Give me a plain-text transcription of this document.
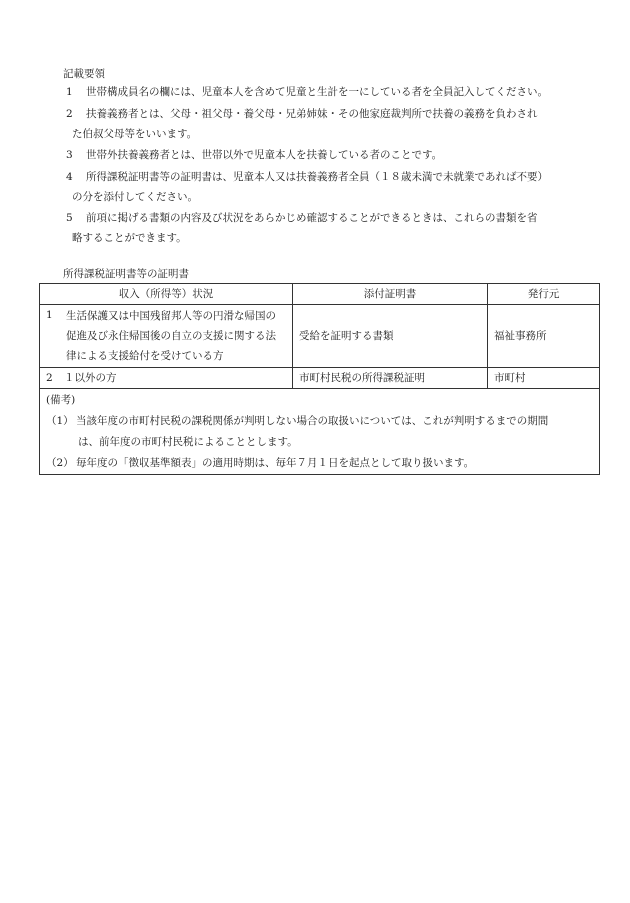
記載要領
1 世帯構成員名の欄には、児童本人を含めて児童と生計を一にしている者を全員記入してください。
2 扶養義務者とは、父母・祖父母・養父母・兄弟姉妹・その他家庭裁判所で扶養の義務を負わされ
た伯叔父母等をいいます。
3 世帯外扶養義務者とは、世帯以外で児童本人を扶養している者のことです。
4 所得課税証明書等の証明書は、児童本人又は扶養義務者全員（１８歳未満で未就業であれば不要）
の分を添付してください。
5 前項に掲げる書類の内容及び状況をあらかじめ確認することができるときは、これらの書類を省
略することができます。
所得課税証明書等の証明書
収入（所得等）状況	添付証明書	発行元

1 生活保護又は中国残留邦人等の円滑な帰国の促進及び永住帰国後の自立の支援に関する法律による支援給付を受けている方	受給を証明する書類	福祉事務所
2 １以外の方	市町村民税の所得課税証明	市町村

(備考)
（1） 当該年度の市町村民税の課税関係が判明しない場合の取扱いについては、これが判明するまでの期間
は、前年度の市町村民税によることとします。
（2） 毎年度の「徴収基準額表」の適用時期は、毎年７月１日を起点として取り扱います。		
